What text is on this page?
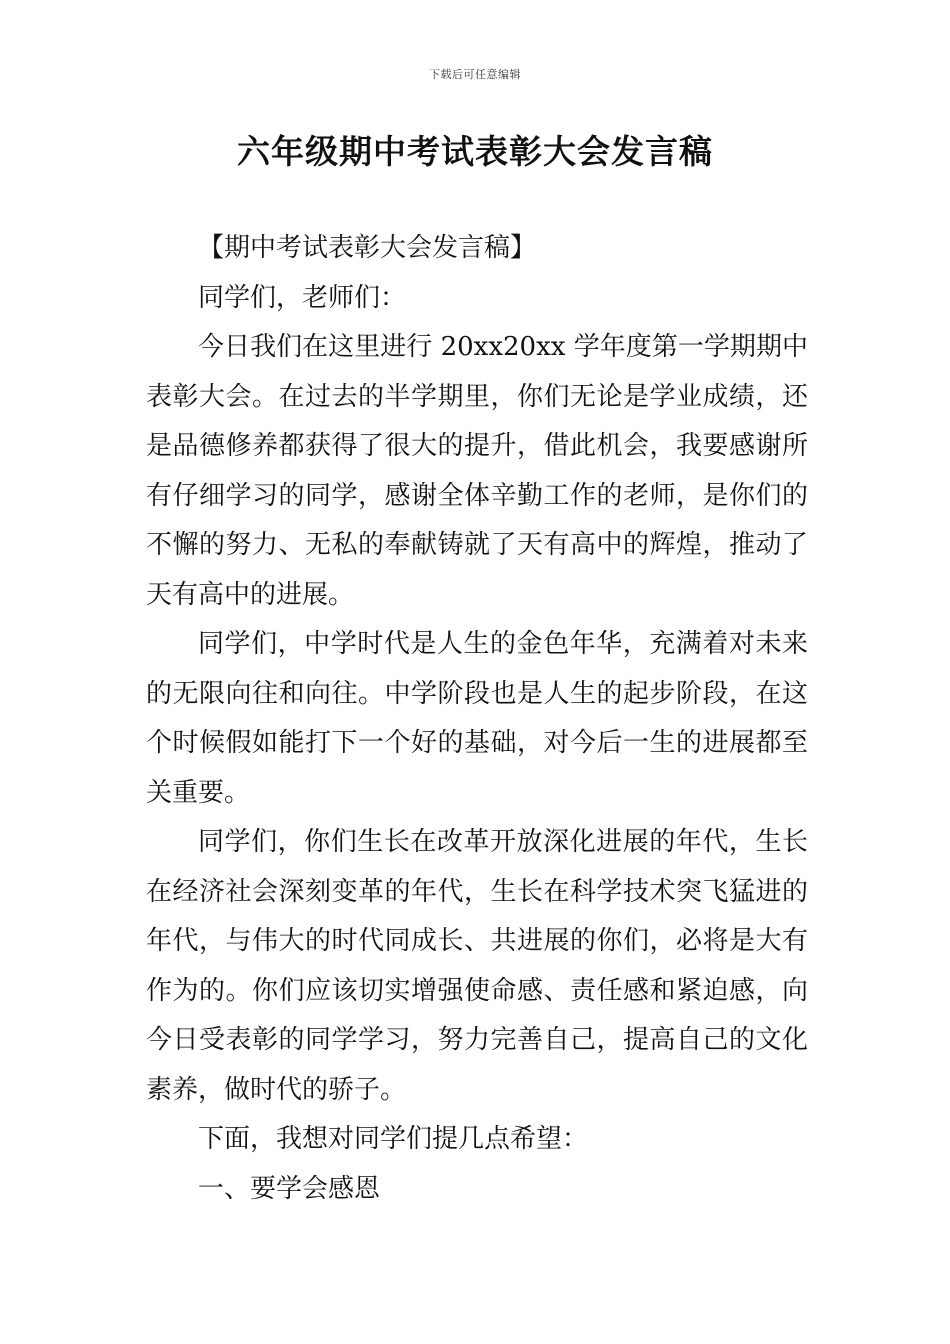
下载后可任意编辑
六年级期中考试表彰大会发言稿

【期中考试表彰大会发言稿】

同学们，老师们：

今日我们在这里进行 20xx20xx 学年度第一学期期中表彰大会。在过去的半学期里，你们无论是学业成绩，还是品德修养都获得了很大的提升，借此机会，我要感谢所有仔细学习的同学，感谢全体辛勤工作的老师，是你们的不懈的努力、无私的奉献铸就了天有高中的辉煌，推动了天有高中的进展。

同学们，中学时代是人生的金色年华，充满着对未来的无限向往和向往。中学阶段也是人生的起步阶段，在这个时候假如能打下一个好的基础，对今后一生的进展都至关重要。

同学们，你们生长在改革开放深化进展的年代，生长在经济社会深刻变革的年代，生长在科学技术突飞猛进的年代，与伟大的时代同成长、共进展的你们，必将是大有作为的。你们应该切实增强使命感、责任感和紧迫感，向今日受表彰的同学学习，努力完善自己，提高自己的文化素养，做时代的骄子。

下面，我想对同学们提几点希望：

一、要学会感恩
